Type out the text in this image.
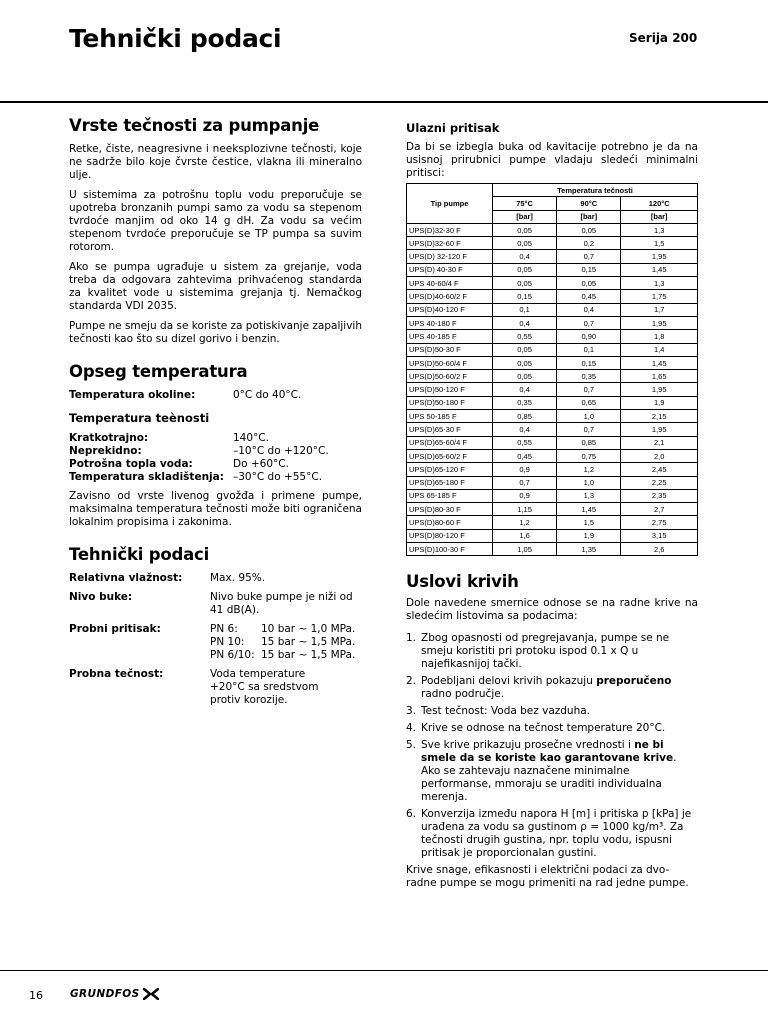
Tehnički podaci	Serija 200
Vrste tečnosti za pumpanje

Retke, čiste, neagresivne i neeksplozivne tečnosti, koje ne sadrže bilo koje čvrste čestice, vlakna ili mineralno ulje.

U sistemima za potrošnu toplu vodu preporučuje se upotreba bronzanih pumpi samo za vodu sa stepenom tvrdoće manjim od oko 14 g dH. Za vodu sa većim stepenom tvrdoće preporučuje se TP pumpa sa suvim rotorom.

Ako se pumpa ugrađuje u sistem za grejanje, voda treba da odgovara zahtevima prihvaćenog standarda za kvalitet vode u sistemima grejanja tj. Nemačkog standarda VDI 2035.

Pumpe ne smeju da se koriste za potiskivanje zapaljivih tečnosti kao što su dizel gorivo i benzin.

Opseg temperatura
Temperatura okoline:	0°C do 40°C.
Temperatura teènosti
Kratkotrajno:	140°C.
Neprekidno:	–10°C do +120°C.
Potrošna topla voda:	Do +60°C.
Temperatura skladištenja: –30°C do +55°C.

Zavisno od vrste livenog gvožđa i primene pumpe, maksimalna temperatura tečnosti može biti ograničena lokalnim propisima i zakonima.

Tehnički podaci
Relativna vlažnost:	Max. 95%.
Nivo buke:	Nivo buke pumpe je niži od 41 dB(A).
Probni pritisak:	PN 6:	10 bar ~ 1,0 MPa.
PN 10:	15 bar ~ 1,5 MPa.
PN 6/10: 15 bar ~ 1,5 MPa.
Probna tečnost:	Voda temperature +20°C sa sredstvom protiv korozije.
Ulazni pritisak

Da bi se izbegla buka od kavitacije potrebno je da na usisnoj prirubnici pumpe vladaju sledeći minimalni pritisci:

Tip pumpe	Temperatura tečnosti		
	75°C	90°C	120°C
	[bar]	[bar]	[bar]
UPS(D)32-30 F	0,05	0,05	1,3
UPS(D)32-60 F	0,05	0,2	1,5
UPS(D) 32-120 F	0,4	0,7	1,95
UPS(D) 40-30 F	0,05	0,15	1,45
UPS 40-60/4 F	0,05	0,05	1,3
UPS(D)40-60/2 F	0,15	0,45	1,75
UPS(D)40-120 F	0,1	0,4	1,7
UPS 40-180 F	0,4	0,7	1,95
UPS 40-185 F	0,55	0,90	1,8
UPS(D)50-30 F	0,05	0,1	1,4
UPS(D)50-60/4 F	0,05	0,15	1,45
UPS(D)50-60/2 F	0,05	0,35	1,65
UPS(D)50-120 F	0,4	0,7	1,95
UPS(D)50-180 F	0,35	0,65	1,9
UPS 50-185 F	0,85	1,0	2,15
UPS(D)65-30 F	0,4	0,7	1,95
UPS(D)65-60/4 F	0,55	0,85	2,1
UPS(D)65-60/2 F	0,45	0,75	2,0
UPS(D)65-120 F	0,9	1,2	2,45
UPS(D)65-180 F	0,7	1,0	2,25
UPS 65-185 F	0,9	1,3	2,35
UPS(D)80-30 F	1,15	1,45	2,7
UPS(D)80-60 F	1,2	1,5	2,75
UPS(D)80-120 F	1,6	1,9	3,15
UPS(D)100-30 F	1,05	1,35	2,6
Uslovi krivih

Dole navedene smernice odnose se na radne krive na sledećim listovima sa podacima:

1. Zbog opasnosti od pregrejavanja, pumpe se ne smeju koristiti pri protoku ispod 0.1 x Q u najefikasnijoj tački.
2. Podebljani delovi krivih pokazuju preporučeno radno područje.
3. Test tečnost: Voda bez vazduha.
4. Krive se odnose na tečnost temperature 20°C.
5. Sve krive prikazuju prosečne vrednosti i ne bi smele da se koriste kao garantovane krive. Ako se zahtevaju naznačene minimalne performanse, mmoraju se uraditi individualna merenja.
6. Konverzija između napora H [m] i pritiska p [kPa] je urađena za vodu sa gustinom ρ = 1000 kg/m³. Za tečnosti drugih gustina, npr. toplu vodu, ispusni pritisak je proporcionalan gustini.

Krive snage, efikasnosti i električni podaci za dvo-radne pumpe se mogu primeniti na rad jedne pumpe.

16	GRUNDFOS
